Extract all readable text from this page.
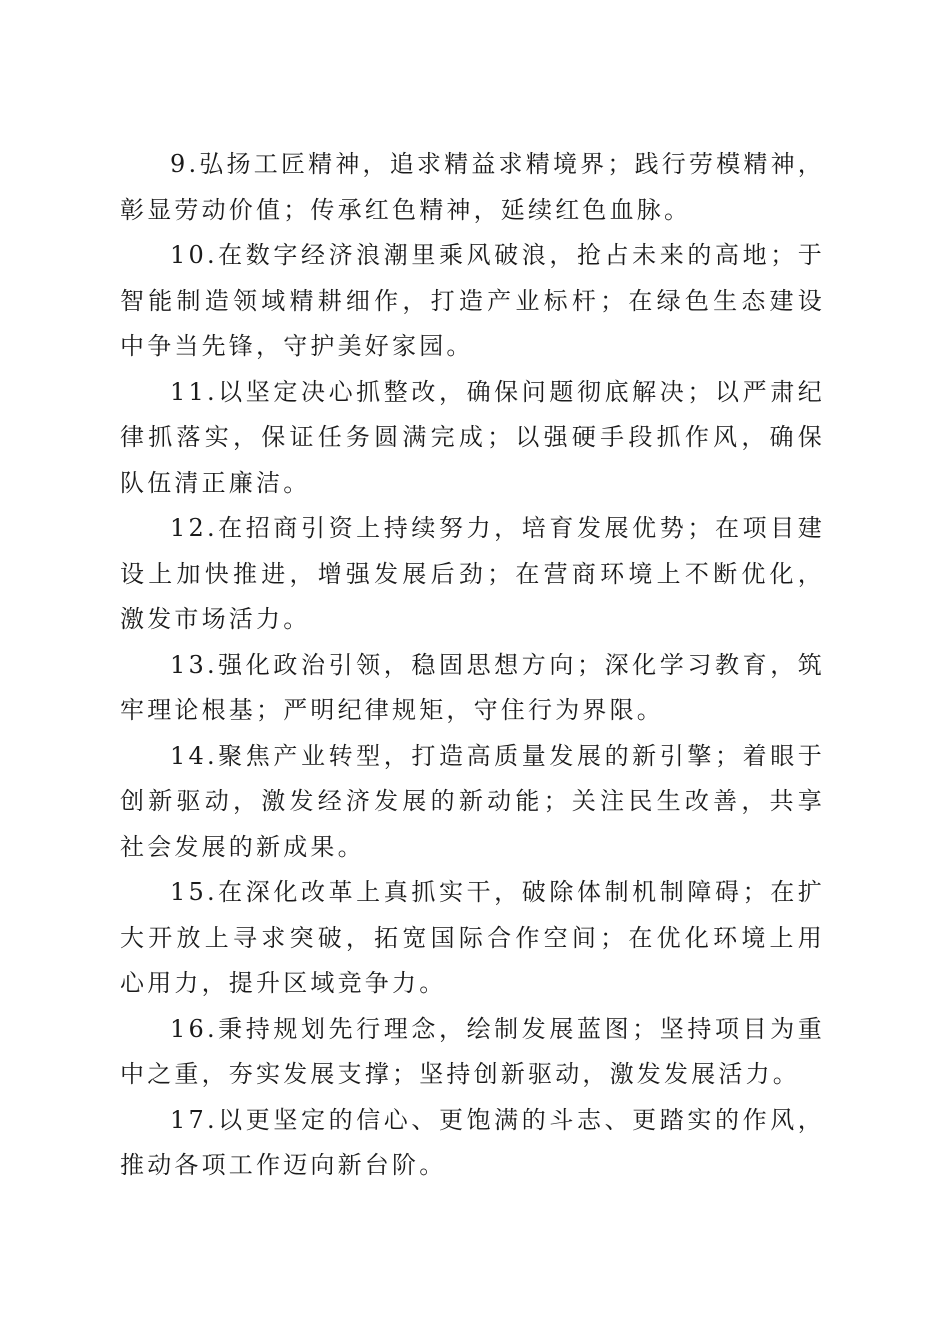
9.弘扬工匠精神，追求精益求精境界；践行劳模精神，彰显劳动价值；传承红色精神，延续红色血脉。

10.在数字经济浪潮里乘风破浪，抢占未来的高地；于智能制造领域精耕细作，打造产业标杆；在绿色生态建设中争当先锋，守护美好家园。

11.以坚定决心抓整改，确保问题彻底解决；以严肃纪律抓落实，保证任务圆满完成；以强硬手段抓作风，确保队伍清正廉洁。

12.在招商引资上持续努力，培育发展优势；在项目建设上加快推进，增强发展后劲；在营商环境上不断优化，激发市场活力。

13.强化政治引领，稳固思想方向；深化学习教育，筑牢理论根基；严明纪律规矩，守住行为界限。

14.聚焦产业转型，打造高质量发展的新引擎；着眼于创新驱动，激发经济发展的新动能；关注民生改善，共享社会发展的新成果。

15.在深化改革上真抓实干，破除体制机制障碍；在扩大开放上寻求突破，拓宽国际合作空间；在优化环境上用心用力，提升区域竞争力。

16.秉持规划先行理念，绘制发展蓝图；坚持项目为重中之重，夯实发展支撑；坚持创新驱动，激发发展活力。

17.以更坚定的信心、更饱满的斗志、更踏实的作风，推动各项工作迈向新台阶。
